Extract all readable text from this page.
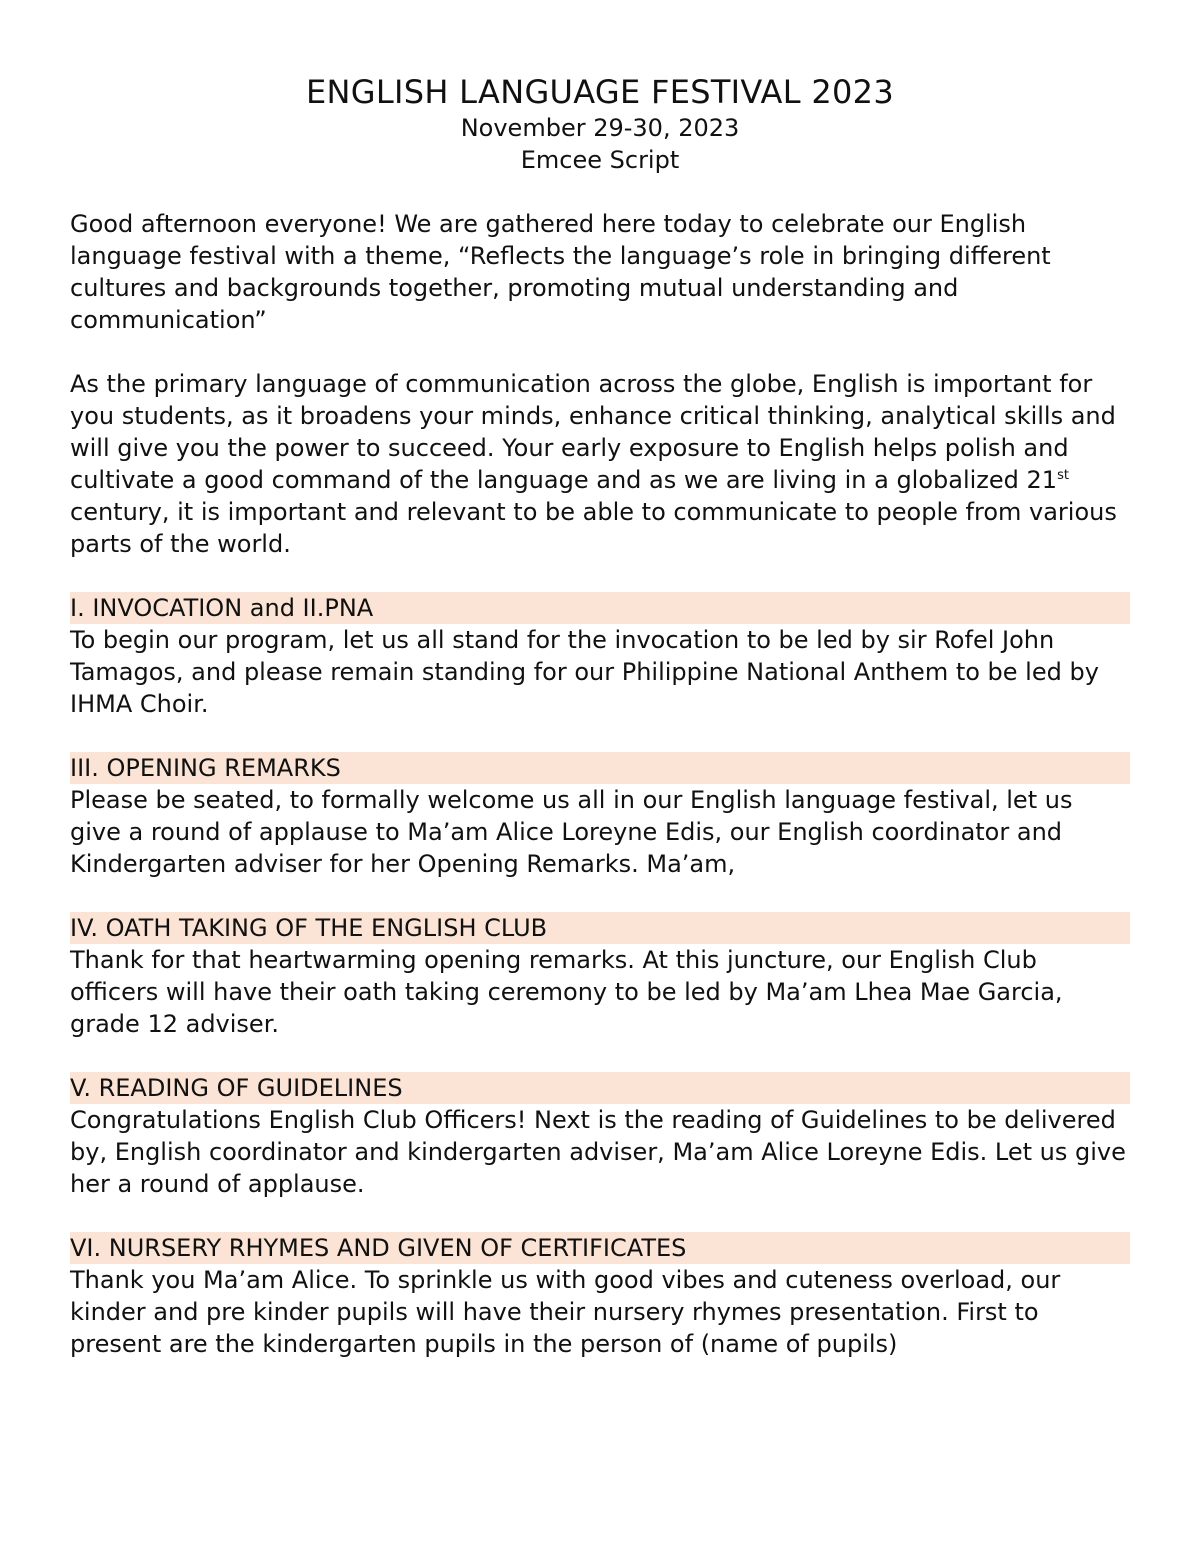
ENGLISH LANGUAGE FESTIVAL 2023

November 29-30, 2023

Emcee Script

Good afternoon everyone! We are gathered here today to celebrate our English language festival with a theme, “Reflects the language’s role in bringing different cultures and backgrounds together, promoting mutual understanding and communication”

As the primary language of communication across the globe, English is important for you students, as it broadens your minds, enhance critical thinking, analytical skills and will give you the power to succeed. Your early exposure to English helps polish and cultivate a good command of the language and as we are living in a globalized 21st century, it is important and relevant to be able to communicate to people from various parts of the world.

I. INVOCATION and II.PNA

To begin our program, let us all stand for the invocation to be led by sir Rofel John Tamagos, and please remain standing for our Philippine National Anthem to be led by IHMA Choir.

III. OPENING REMARKS

Please be seated, to formally welcome us all in our English language festival, let us give a round of applause to Ma’am Alice Loreyne Edis, our English coordinator and Kindergarten adviser for her Opening Remarks. Ma’am,

IV. OATH TAKING OF THE ENGLISH CLUB

Thank for that heartwarming opening remarks. At this juncture, our English Club officers will have their oath taking ceremony to be led by Ma’am Lhea Mae Garcia, grade 12 adviser.

V. READING OF GUIDELINES

Congratulations English Club Officers! Next is the reading of Guidelines to be delivered by, English coordinator and kindergarten adviser, Ma’am Alice Loreyne Edis. Let us give her a round of applause.

VI. NURSERY RHYMES AND GIVEN OF CERTIFICATES

Thank you Ma’am Alice. To sprinkle us with good vibes and cuteness overload, our kinder and pre kinder pupils will have their nursery rhymes presentation. First to present are the kindergarten pupils in the person of (name of pupils)
